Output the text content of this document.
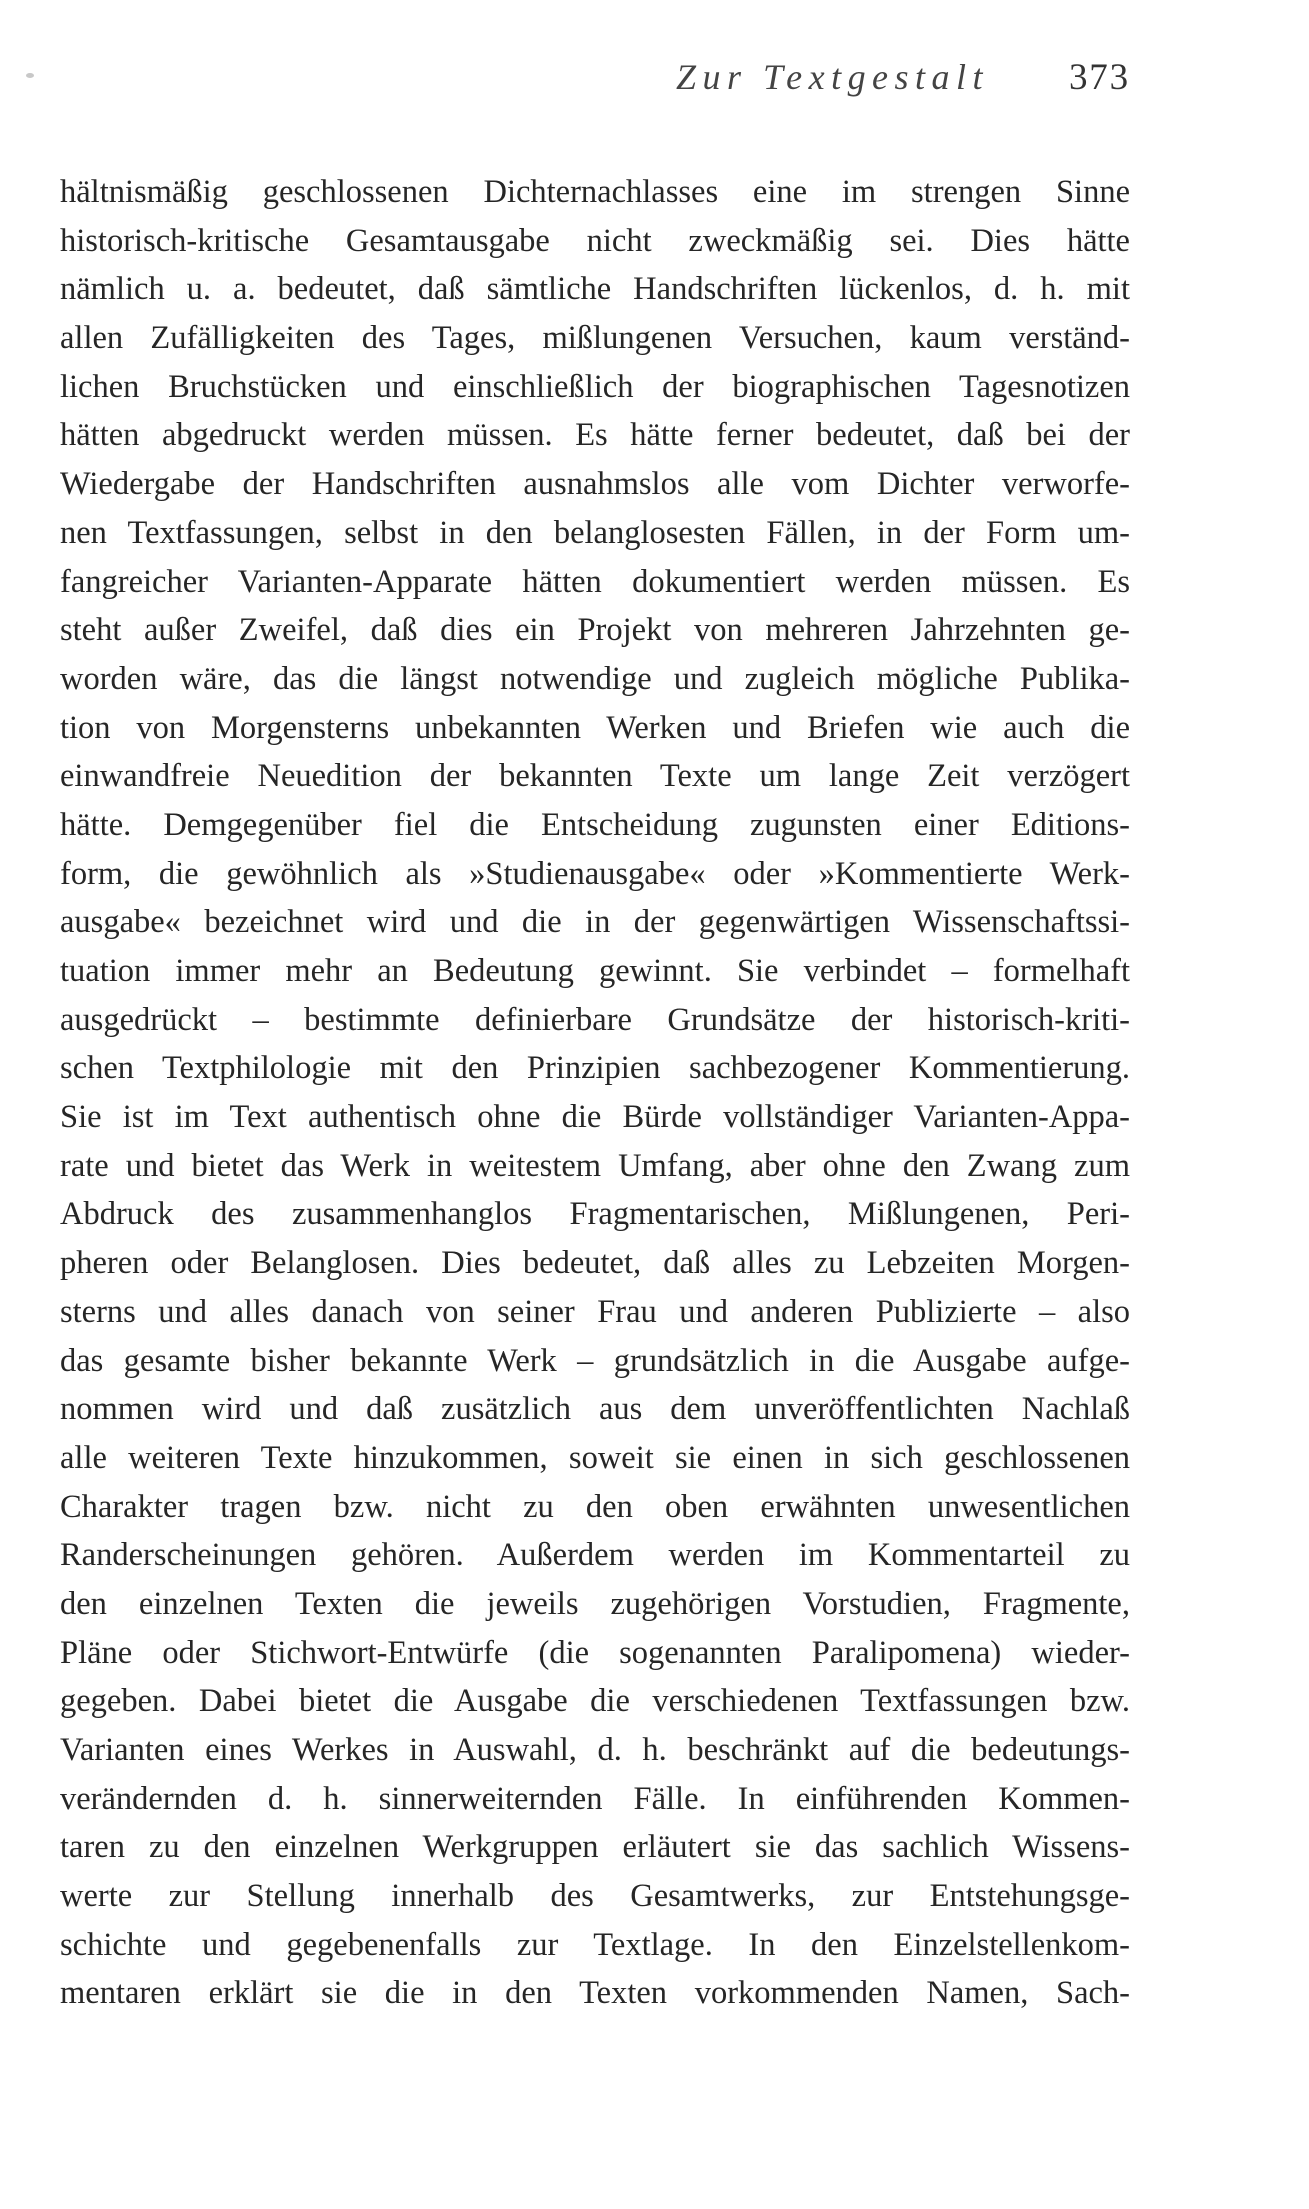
Zur Textgestalt 373
hältnismäßig geschlossenen Dichternachlasses eine im strengen Sinne
historisch-kritische Gesamtausgabe nicht zweckmäßig sei. Dies hätte
nämlich u. a. bedeutet, daß sämtliche Handschriften lückenlos, d. h. mit
allen Zufälligkeiten des Tages, mißlungenen Versuchen, kaum verständ-
lichen Bruchstücken und einschließlich der biographischen Tagesnotizen
hätten abgedruckt werden müssen. Es hätte ferner bedeutet, daß bei der
Wiedergabe der Handschriften ausnahmslos alle vom Dichter verworfe-
nen Textfassungen, selbst in den belanglosesten Fällen, in der Form um-
fangreicher Varianten-Apparate hätten dokumentiert werden müssen. Es
steht außer Zweifel, daß dies ein Projekt von mehreren Jahrzehnten ge-
worden wäre, das die längst notwendige und zugleich mögliche Publika-
tion von Morgensterns unbekannten Werken und Briefen wie auch die
einwandfreie Neuedition der bekannten Texte um lange Zeit verzögert
hätte. Demgegenüber fiel die Entscheidung zugunsten einer Editions-
form, die gewöhnlich als »Studienausgabe« oder »Kommentierte Werk-
ausgabe« bezeichnet wird und die in der gegenwärtigen Wissenschaftssi-
tuation immer mehr an Bedeutung gewinnt. Sie verbindet – formelhaft
ausgedrückt – bestimmte definierbare Grundsätze der historisch-kriti-
schen Textphilologie mit den Prinzipien sachbezogener Kommentierung.
Sie ist im Text authentisch ohne die Bürde vollständiger Varianten-Appa-
rate und bietet das Werk in weitestem Umfang, aber ohne den Zwang zum
Abdruck des zusammenhanglos Fragmentarischen, Mißlungenen, Peri-
pheren oder Belanglosen. Dies bedeutet, daß alles zu Lebzeiten Morgen-
sterns und alles danach von seiner Frau und anderen Publizierte – also
das gesamte bisher bekannte Werk – grundsätzlich in die Ausgabe aufge-
nommen wird und daß zusätzlich aus dem unveröffentlichten Nachlaß
alle weiteren Texte hinzukommen, soweit sie einen in sich geschlossenen
Charakter tragen bzw. nicht zu den oben erwähnten unwesentlichen
Randerscheinungen gehören. Außerdem werden im Kommentarteil zu
den einzelnen Texten die jeweils zugehörigen Vorstudien, Fragmente,
Pläne oder Stichwort-Entwürfe (die sogenannten Paralipomena) wieder-
gegeben. Dabei bietet die Ausgabe die verschiedenen Textfassungen bzw.
Varianten eines Werkes in Auswahl, d. h. beschränkt auf die bedeutungs-
verändernden d. h. sinnerweiternden Fälle. In einführenden Kommen-
taren zu den einzelnen Werkgruppen erläutert sie das sachlich Wissens-
werte zur Stellung innerhalb des Gesamtwerks, zur Entstehungsge-
schichte und gegebenenfalls zur Textlage. In den Einzelstellenkom-
mentaren erklärt sie die in den Texten vorkommenden Namen, Sach-
